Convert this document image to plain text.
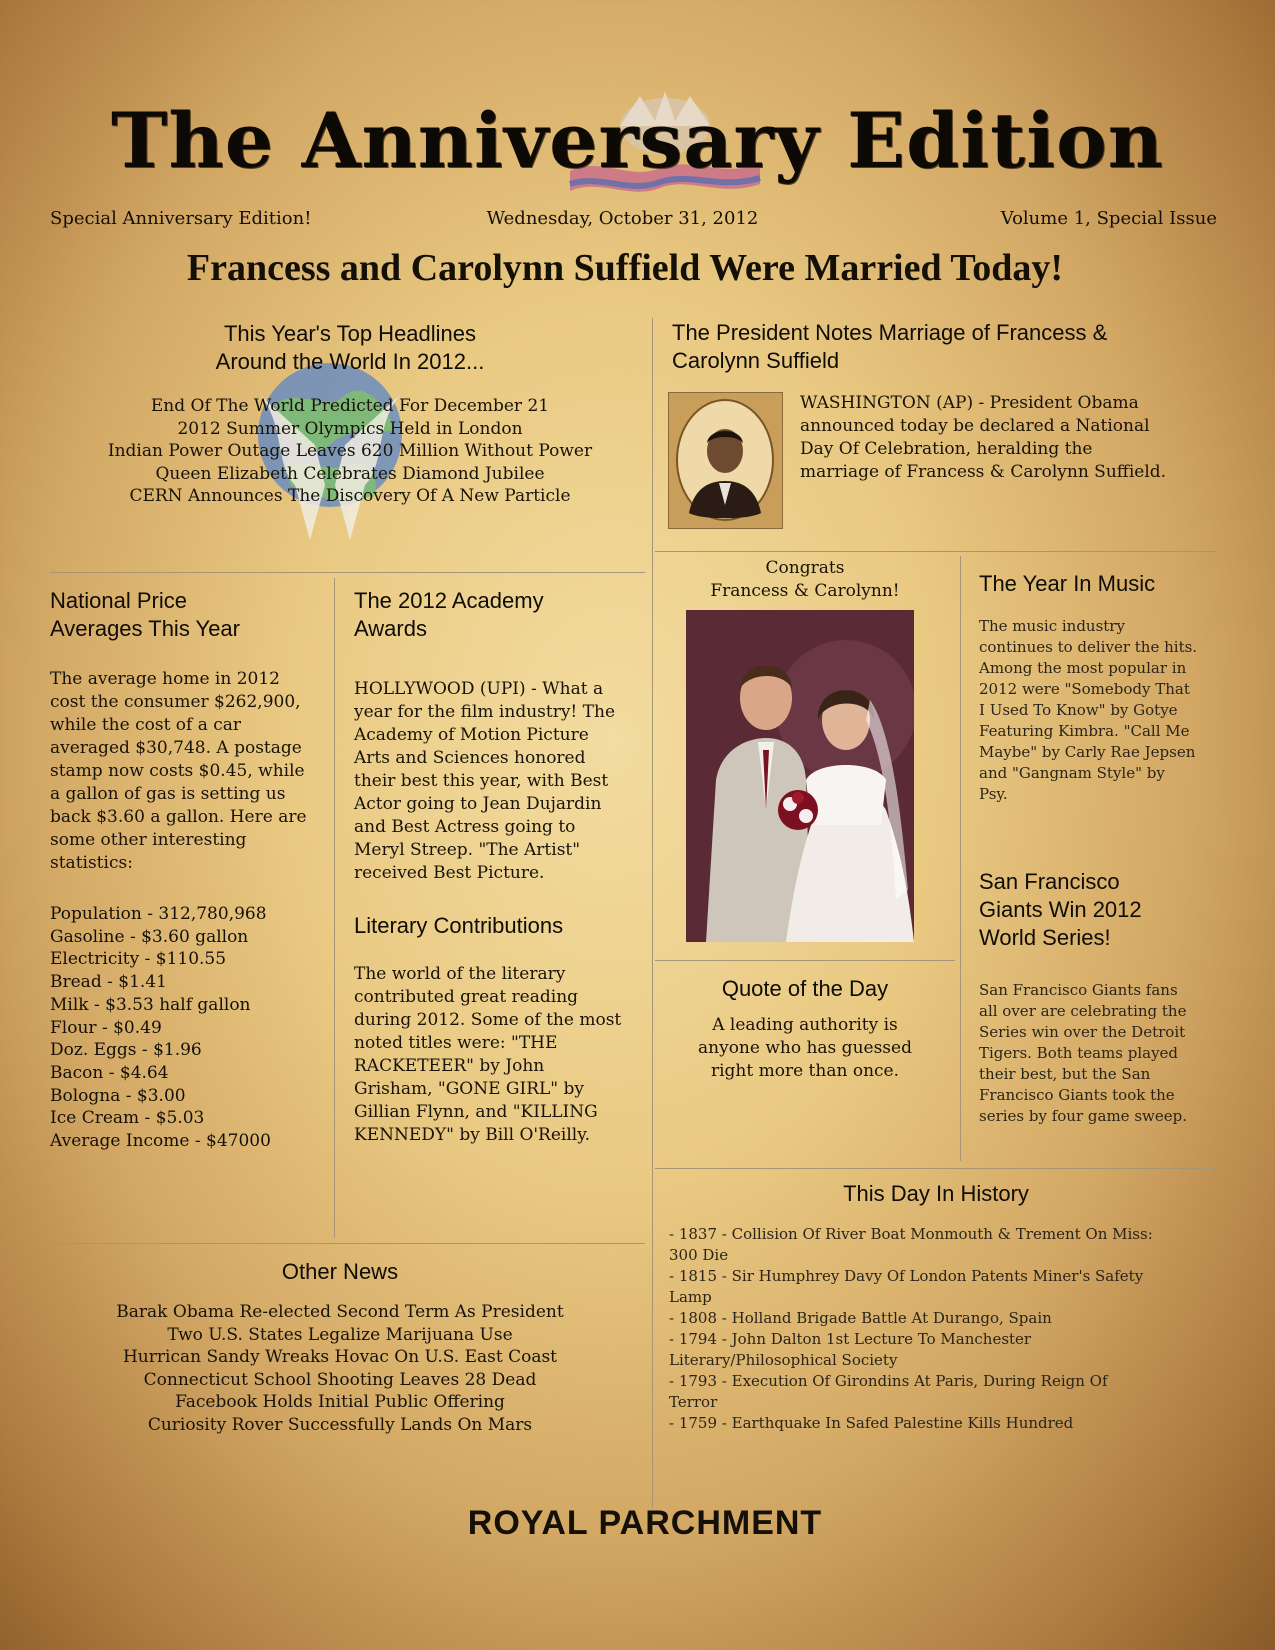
The Anniversary Edition
Special Anniversary Edition!	Wednesday, October 31, 2012	Volume 1, Special Issue
Francess and Carolynn Suffield Were Married Today!
This Year's Top Headlines
Around the World In 2012...
End Of The World Predicted For December 21
2012 Summer Olympics Held in London
Indian Power Outage Leaves 620 Million Without Power
Queen Elizabeth Celebrates Diamond Jubilee
CERN Announces The Discovery Of A New Particle
The President Notes Marriage of Francess &
Carolynn Suffield
WASHINGTON (AP) - President Obama
announced today be declared a National
Day Of Celebration, heralding the
marriage of Francess & Carolynn Suffield.
National Price
Averages This Year
The average home in 2012
cost the consumer $262,900,
while the cost of a car
averaged $30,748. A postage
stamp now costs $0.45, while
a gallon of gas is setting us
back $3.60 a gallon. Here are
some other interesting
statistics:
Population - 312,780,968
Gasoline - $3.60 gallon
Electricity - $110.55
Bread - $1.41
Milk - $3.53 half gallon
Flour - $0.49
Doz. Eggs - $1.96
Bacon - $4.64
Bologna - $3.00
Ice Cream - $5.03
Average Income - $47000
The 2012 Academy
Awards
HOLLYWOOD (UPI) - What a
year for the film industry! The
Academy of Motion Picture
Arts and Sciences honored
their best this year, with Best
Actor going to Jean Dujardin
and Best Actress going to
Meryl Streep. "The Artist"
received Best Picture.
Literary Contributions
The world of the literary
contributed great reading
during 2012. Some of the most
noted titles were: "THE
RACKETEER" by John
Grisham, "GONE GIRL" by
Gillian Flynn, and "KILLING
KENNEDY" by Bill O'Reilly.
Congrats
Francess & Carolynn!
Quote of the Day
A leading authority is
anyone who has guessed
right more than once.
The Year In Music
The music industry
continues to deliver the hits.
Among the most popular in
2012 were "Somebody That
I Used To Know" by Gotye
Featuring Kimbra. "Call Me
Maybe" by Carly Rae Jepsen
and "Gangnam Style" by
Psy.
San Francisco
Giants Win 2012
World Series!
San Francisco Giants fans
all over are celebrating the
Series win over the Detroit
Tigers. Both teams played
their best, but the San
Francisco Giants took the
series by four game sweep.
This Day In History
- 1837 - Collision Of River Boat Monmouth & Trement On Miss:
300 Die
- 1815 - Sir Humphrey Davy Of London Patents Miner's Safety
Lamp
- 1808 - Holland Brigade Battle At Durango, Spain
- 1794 - John Dalton 1st Lecture To Manchester
Literary/Philosophical Society
- 1793 - Execution Of Girondins At Paris, During Reign Of
Terror
- 1759 - Earthquake In Safed Palestine Kills Hundred
Other News
Barak Obama Re-elected Second Term As President
Two U.S. States Legalize Marijuana Use
Hurrican Sandy Wreaks Hovac On U.S. East Coast
Connecticut School Shooting Leaves 28 Dead
Facebook Holds Initial Public Offering
Curiosity Rover Successfully Lands On Mars
ROYAL PARCHMENT
